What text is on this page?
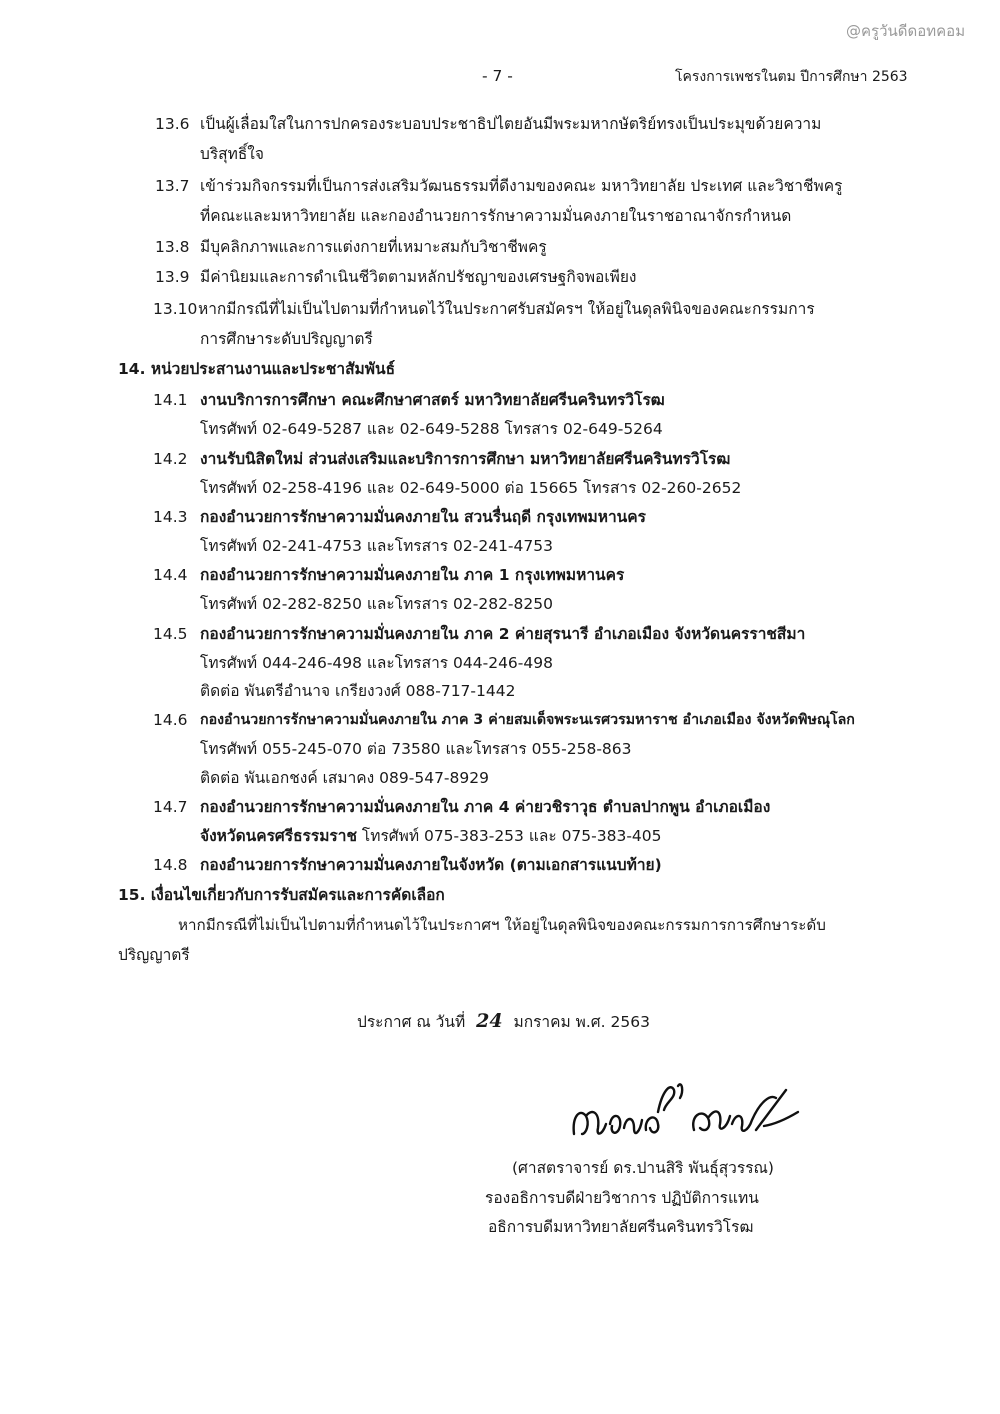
@ครูวันดีดอทคอม
- 7 -	โครงการเพชรในตม ปีการศึกษา 2563
13.6 เป็นผู้เลื่อมใสในการปกครองระบอบประชาธิปไตยอันมีพระมหากษัตริย์ทรงเป็นประมุขด้วยความ
บริสุทธิ์ใจ
13.7 เข้าร่วมกิจกรรมที่เป็นการส่งเสริมวัฒนธรรมที่ดีงามของคณะ มหาวิทยาลัย ประเทศ และวิชาชีพครู
ที่คณะและมหาวิทยาลัย และกองอำนวยการรักษาความมั่นคงภายในราชอาณาจักรกำหนด
13.8 มีบุคลิกภาพและการแต่งกายที่เหมาะสมกับวิชาชีพครู
13.9 มีค่านิยมและการดำเนินชีวิตตามหลักปรัชญาของเศรษฐกิจพอเพียง
13.10 หากมีกรณีที่ไม่เป็นไปตามที่กำหนดไว้ในประกาศรับสมัครฯ ให้อยู่ในดุลพินิจของคณะกรรมการ
การศึกษาระดับปริญญาตรี
14. หน่วยประสานงานและประชาสัมพันธ์
14.1 งานบริการการศึกษา คณะศึกษาศาสตร์ มหาวิทยาลัยศรีนครินทรวิโรฒ
โทรศัพท์ 02-649-5287 และ 02-649-5288 โทรสาร 02-649-5264
14.2 งานรับนิสิตใหม่ ส่วนส่งเสริมและบริการการศึกษา มหาวิทยาลัยศรีนครินทรวิโรฒ
โทรศัพท์ 02-258-4196 และ 02-649-5000 ต่อ 15665 โทรสาร 02-260-2652
14.3 กองอำนวยการรักษาความมั่นคงภายใน สวนรื่นฤดี กรุงเทพมหานคร
โทรศัพท์ 02-241-4753 และโทรสาร 02-241-4753
14.4 กองอำนวยการรักษาความมั่นคงภายใน ภาค 1 กรุงเทพมหานคร
โทรศัพท์ 02-282-8250 และโทรสาร 02-282-8250
14.5 กองอำนวยการรักษาความมั่นคงภายใน ภาค 2 ค่ายสุรนารี อำเภอเมือง จังหวัดนครราชสีมา
โทรศัพท์ 044-246-498 และโทรสาร 044-246-498
ติดต่อ พันตรีอำนาจ เกรียงวงศ์ 088-717-1442
14.6 กองอำนวยการรักษาความมั่นคงภายใน ภาค 3 ค่ายสมเด็จพระนเรศวรมหาราช อำเภอเมือง จังหวัดพิษณุโลก
โทรศัพท์ 055-245-070 ต่อ 73580 และโทรสาร 055-258-863
ติดต่อ พันเอกชงค์ เสมาคง 089-547-8929
14.7 กองอำนวยการรักษาความมั่นคงภายใน ภาค 4 ค่ายวชิราวุธ ตำบลปากพูน อำเภอเมือง
จังหวัดนครศรีธรรมราช โทรศัพท์ 075-383-253 และ 075-383-405
14.8 กองอำนวยการรักษาความมั่นคงภายในจังหวัด (ตามเอกสารแนบท้าย)
15. เงื่อนไขเกี่ยวกับการรับสมัครและการคัดเลือก
หากมีกรณีที่ไม่เป็นไปตามที่กำหนดไว้ในประกาศฯ ให้อยู่ในดุลพินิจของคณะกรรมการการศึกษาระดับ
ปริญญาตรี
ประกาศ ณ วันที่ 24 มกราคม พ.ศ. 2563
(ศาสตราจารย์ ดร.ปานสิริ พันธุ์สุวรรณ)
รองอธิการบดีฝ่ายวิชาการ ปฏิบัติการแทน
อธิการบดีมหาวิทยาลัยศรีนครินทรวิโรฒ
